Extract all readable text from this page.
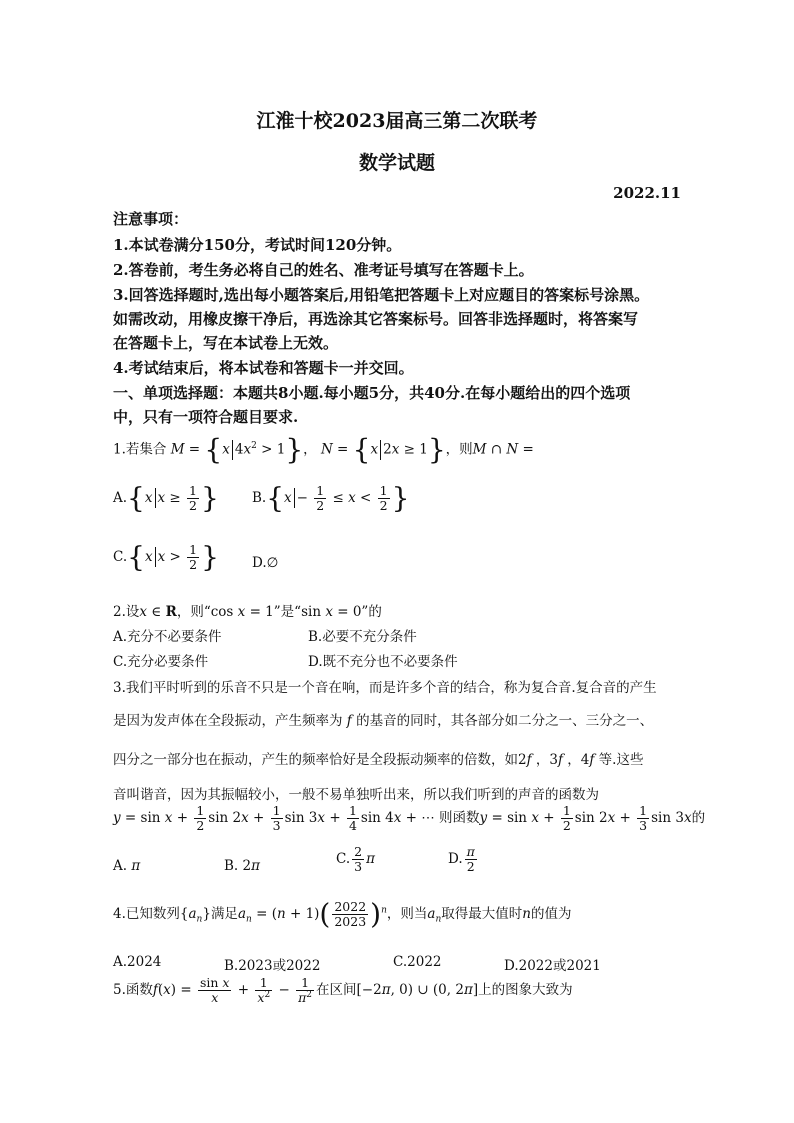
江淮十校2023届高三第二次联考
数学试题
2022.11
注意事项：
1.本试卷满分150分，考试时间120分钟。
2.答卷前，考生务必将自己的姓名、准考证号填写在答题卡上。
3.回答选择题时,选出每小题答案后,用铅笔把答题卡上对应题目的答案标号涂黑。
如需改动，用橡皮擦干净后，再选涂其它答案标号。回答非选择题时，将答案写
在答题卡上，写在本试卷上无效。
4.考试结束后，将本试卷和答题卡一并交回。
一、单项选择题：本题共8小题.每小题5分，共40分.在每小题给出的四个选项
中，只有一项符合题目要求.
1.若集合 M = {x $4x^2 > 1$}， N = {x 2x ≥ 1}，则M ∩ N =
A.{x $x \ge \frac{1}{2}$ } $B.\{x - \frac{1}{2} \le x < \frac{1}{2}$ }
C.{x $x > \frac{1}{2}$ } D.∅
2.设x ∈ R，则“cos x = 1”是“sin x = 0”的
A.充分不必要条件	B.必要不充分条件
C.充分必要条件	D.既不充分也不必要条件
3.我们平时听到的乐音不只是一个音在响，而是许多个音的结合，称为复合音.复合音的产生
是因为发声体在全段振动，产生频率为 f 的基音的同时，其各部分如二分之一、三分之一、
四分之一部分也在振动，产生的频率恰好是全段振动频率的倍数，如2f ，3f ，4f 等.这些
音叫谐音，因为其振幅较小，一般不易单独听出来，所以我们听到的声音的函数为
$y = \sin x + \frac{1}{2}$ $\sin 2x + \frac{1}{3}$ $\sin 3x + \frac{1}{4}$ sin 4x + ⋯ 则函数$y = \sin x + \frac{1}{2}$ $\sin 2x + \frac{1}{3}$ sin 3x的
A. π	B. 2π	C. $\frac{2}{3}$ π	D. $\frac{\pi}{2}$
4.已知数列$\{a_n\}$满足$a_n = (n + 1)( \frac{2022}{2023} )^n$，则当$a_n$取得最大值时n的值为
A.2024	B.2023或2022	C.2022	D.2022或2021
5.函数$f(x) = \frac{\text{sin x}}{x} + \frac{1}{x^2} - \frac{1}{\pi^2}$ 在区间[−2π, 0) ∪ (0, 2π]上的图象大致为
